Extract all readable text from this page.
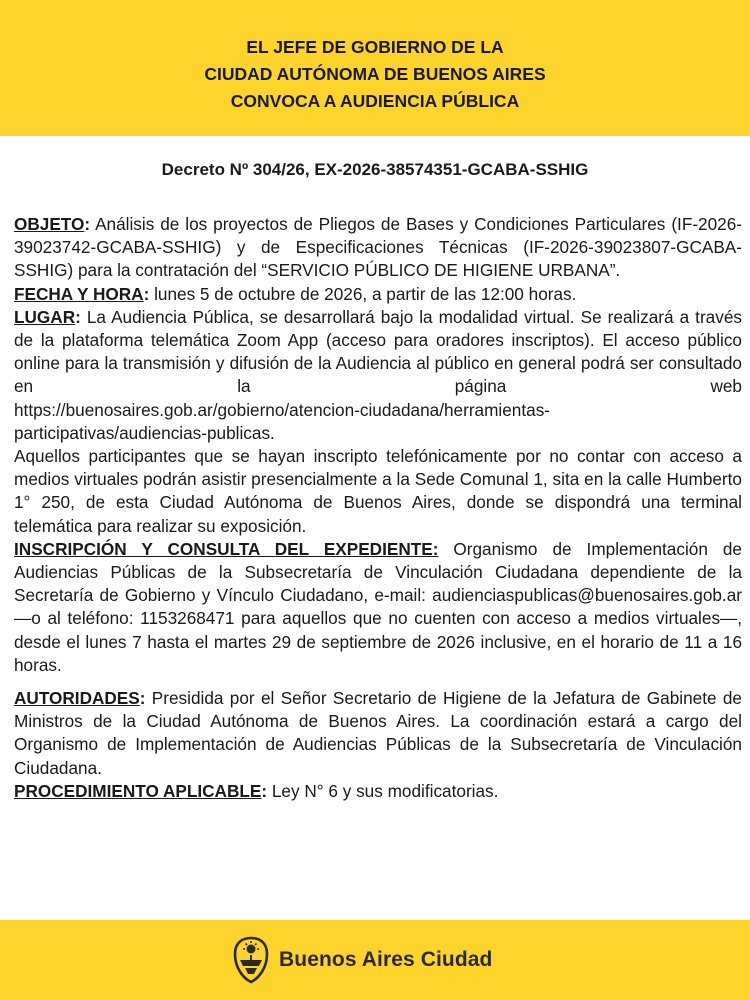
EL JEFE DE GOBIERNO DE LA
CIUDAD AUTÓNOMA DE BUENOS AIRES
CONVOCA A AUDIENCIA PÚBLICA
Decreto Nº 304/26, EX-2026-38574351-GCABA-SSHIG

OBJETO: Análisis de los proyectos de Pliegos de Bases y Condiciones Particulares (IF-2026-39023742-GCABA-SSHIG) y de Especificaciones Técnicas (IF-2026-39023807-GCABA-SSHIG) para la contratación del “SERVICIO PÚBLICO DE HIGIENE URBANA”.

FECHA Y HORA: lunes 5 de octubre de 2026, a partir de las 12:00 horas.

LUGAR: La Audiencia Pública, se desarrollará bajo la modalidad virtual. Se realizará a través de la plataforma telemática Zoom App (acceso para oradores inscriptos). El acceso público online para la transmisión y difusión de la Audiencia al público en general podrá ser consultado en la página web

https://buenosaires.gob.ar/gobierno/atencion-ciudadana/herramientas-participativas/audiencias-publicas.

Aquellos participantes que se hayan inscripto telefónicamente por no contar con acceso a medios virtuales podrán asistir presencialmente a la Sede Comunal 1, sita en la calle Humberto 1° 250, de esta Ciudad Autónoma de Buenos Aires, donde se dispondrá una terminal telemática para realizar su exposición.

INSCRIPCIÓN Y CONSULTA DEL EXPEDIENTE: Organismo de Implementación de Audiencias Públicas de la Subsecretaría de Vinculación Ciudadana dependiente de la Secretaría de Gobierno y Vínculo Ciudadano, e-mail: audienciaspublicas@buenosaires.gob.ar —o al teléfono: 1153268471 para aquellos que no cuenten con acceso a medios virtuales—, desde el lunes 7 hasta el martes 29 de septiembre de 2026 inclusive, en el horario de 11 a 16 horas.

AUTORIDADES: Presidida por el Señor Secretario de Higiene de la Jefatura de Gabinete de Ministros de la Ciudad Autónoma de Buenos Aires. La coordinación estará a cargo del Organismo de Implementación de Audiencias Públicas de la Subsecretaría de Vinculación Ciudadana.

PROCEDIMIENTO APLICABLE: Ley N° 6 y sus modificatorias.

Buenos Aires Ciudad
